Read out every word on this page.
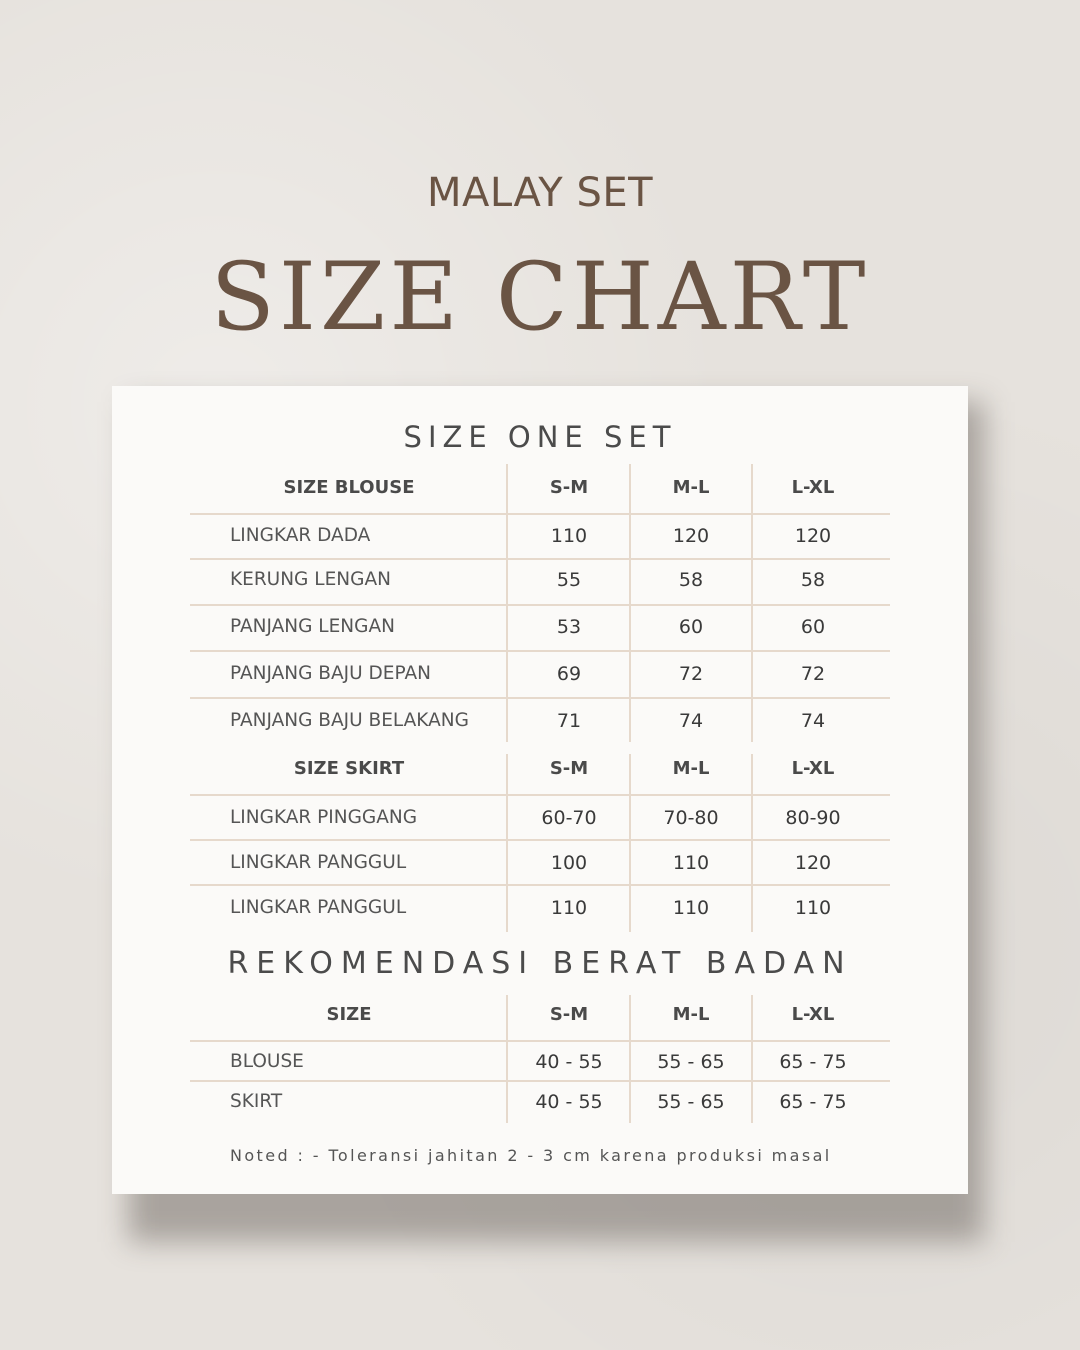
MALAY SET
SIZE CHART
SIZE ONE SET
REKOMENDASI BERAT BADAN
SIZE BLOUSE	S-M	M-L	L-XL
LINGKAR DADA	110	120	120
KERUNG LENGAN	55	58	58
PANJANG LENGAN	53	60	60
PANJANG BAJU DEPAN	69	72	72
PANJANG BAJU BELAKANG	71	74	74
SIZE SKIRT	S-M	M-L	L-XL
LINGKAR PINGGANG	60-70	70-80	80-90
LINGKAR PANGGUL	100	110	120
LINGKAR PANGGUL	110	110	110
SIZE	S-M	M-L	L-XL
BLOUSE	40 - 55	55 - 65	65 - 75
SKIRT	40 - 55	55 - 65	65 - 75
Noted : - Toleransi jahitan 2 - 3 cm karena produksi masal
